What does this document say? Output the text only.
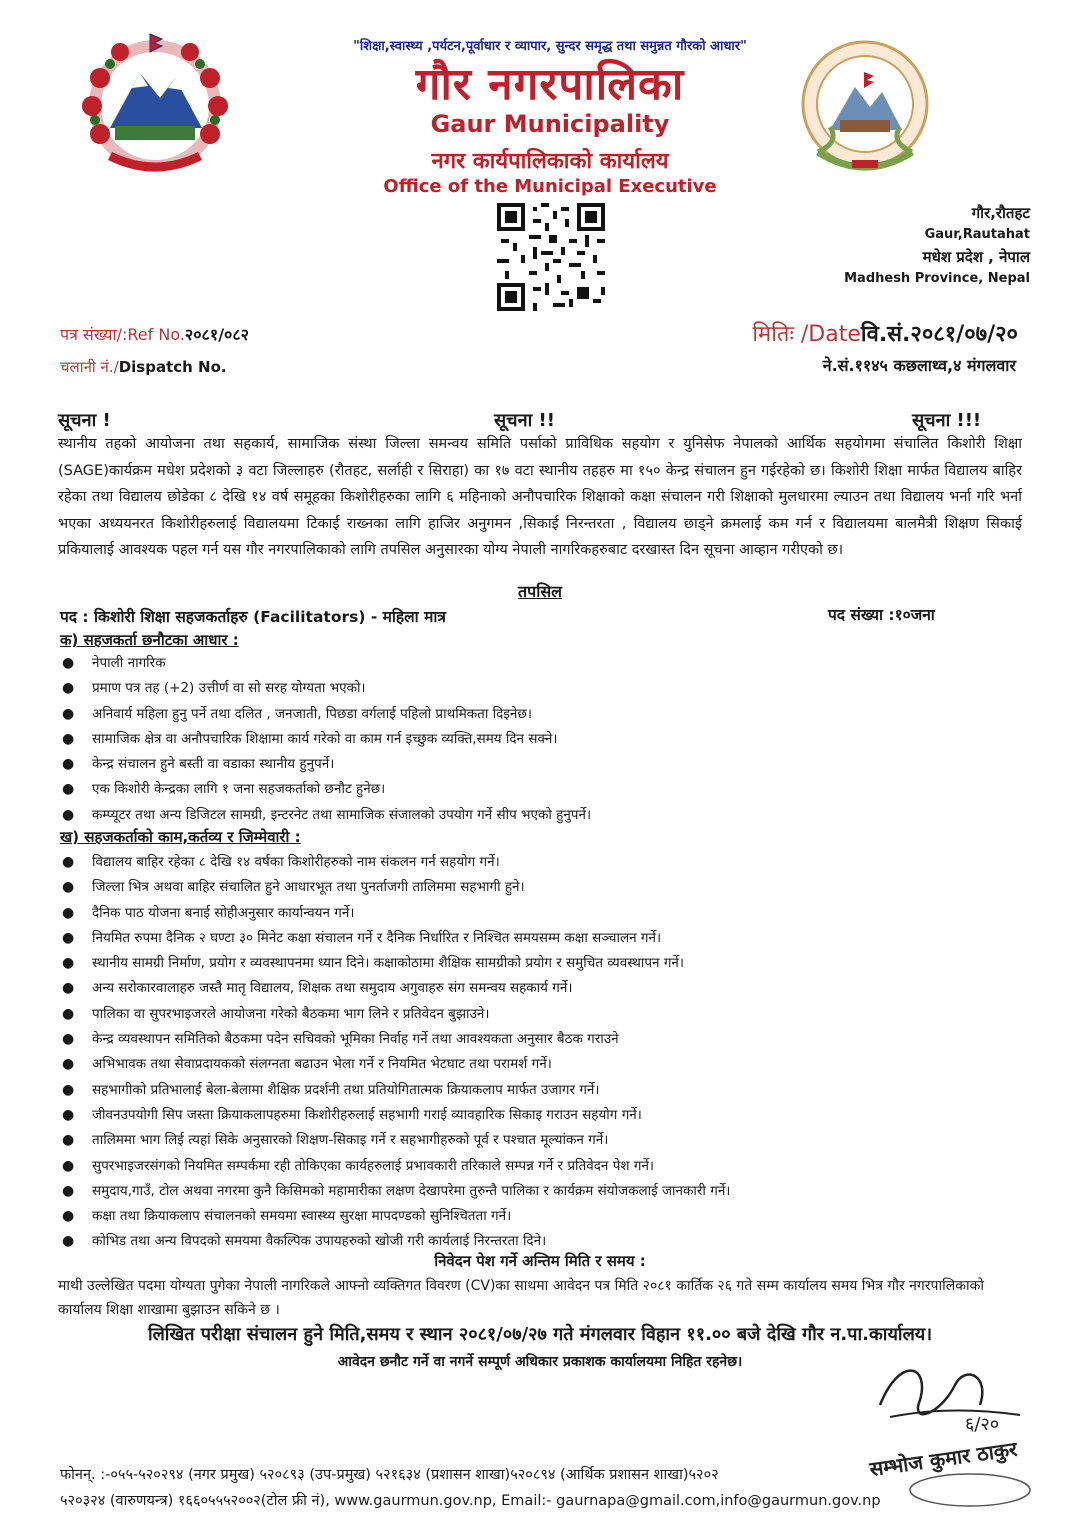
"शिक्षा,स्वास्थ्य ,पर्यटन,पूर्वाधार र व्यापार, सुन्दर समृद्ध तथा समुन्नत गौरको आधार"
गौर नगरपालिका
Gaur Municipality
नगर कार्यपालिकाको कार्यालय
Office of the Municipal Executive
गौर,रौतहट
Gaur,Rautahat
मधेश प्रदेश , नेपाल
Madhesh Province, Nepal
पत्र संख्या/:Ref No.२०८१/०८२
चलानी नं./Dispatch No.
मितिः /Dateवि.सं.२०८१/०७/२०
ने.सं.११४५ कछलाथ्व,४ मंगलवार
सूचना !	सूचना !!	सूचना !!!
स्थानीय तहको आयोजना तथा सहकार्य, सामाजिक संस्था जिल्ला समन्वय समिति पर्साको प्राविधिक सहयोग र युनिसेफ नेपालको आर्थिक सहयोगमा संचालित किशोरी शिक्षा (SAGE)कार्यक्रम मधेश प्रदेशको ३ वटा जिल्लाहरु (रौतहट, सर्लाही र सिराहा) का १७ वटा स्थानीय तहहरु मा १५० केन्द्र संचालन हुन गईरहेको छ। किशोरी शिक्षा मार्फत विद्यालय बाहिर रहेका तथा विद्यालय छोडेका ८ देखि १४ वर्ष समूहका किशोरीहरुका लागि ६ महिनाको अनौपचारिक शिक्षाको कक्षा संचालन गरी शिक्षाको मुलधारमा ल्याउन तथा विद्यालय भर्ना गरि भर्ना भएका अध्ययनरत किशोरीहरुलाई विद्यालयमा टिकाई राख्नका लागि हाजिर अनुगमन ,सिकाई निरन्तरता , विद्यालय छाड्ने क्रमलाई कम गर्न र विद्यालयमा बालमैत्री शिक्षण सिकाई प्रकियालाई आवश्यक पहल गर्न यस गौर नगरपालिकाको लागि तपसिल अनुसारका योग्य नेपाली नागरिकहरुबाट दरखास्त दिन सूचना आव्हान गरीएको छ।
तपसिल
पद : किशोरी शिक्षा सहजकर्ताहरु (Facilitators) - महिला मात्र	पद संख्या :१०जना
क) सहजकर्ता छनौटका आधार :
● नेपाली नागरिक
● प्रमाण पत्र तह (+2) उत्तीर्ण वा सो सरह योग्यता भएको।
● अनिवार्य महिला हुनु पर्ने तथा दलित , जनजाती, पिछडा वर्गलाई पहिलो प्राथमिकता दिइनेछ।
● सामाजिक क्षेत्र वा अनौपचारिक शिक्षामा कार्य गरेको वा काम गर्न इच्छुक व्यक्ति,समय दिन सक्ने।
● केन्द्र संचालन हुने बस्ती वा वडाका स्थानीय हुनुपर्ने।
● एक किशोरी केन्द्रका लागि १ जना सहजकर्ताको छनौट हुनेछ।
● कम्प्यूटर तथा अन्य डिजिटल सामग्री, इन्टरनेट तथा सामाजिक संजालको उपयोग गर्ने सीप भएको हुनुपर्ने।
ख) सहजकर्ताको काम,कर्तव्य र जिम्मेवारी :
● विद्यालय बाहिर रहेका ८ देखि १४ वर्षका किशोरीहरुको नाम संकलन गर्न सहयोग गर्ने।
● जिल्ला भित्र अथवा बाहिर संचालित हुने आधारभूत तथा पुनर्ताजगी तालिममा सहभागी हुने।
● दैनिक पाठ योजना बनाई सोहीअनुसार कार्यान्वयन गर्ने।
● नियमित रुपमा दैनिक २ घण्टा ३० मिनेट कक्षा संचालन गर्ने र दैनिक निर्धारित र निश्चित समयसम्म कक्षा सञ्चालन गर्ने।
● स्थानीय सामग्री निर्माण, प्रयोग र व्यवस्थापनमा ध्यान दिने। कक्षाकोठामा शैक्षिक सामग्रीको प्रयोग र समुचित व्यवस्थापन गर्ने।
● अन्य सरोकारवालाहरु जस्तै मातृ विद्यालय, शिक्षक तथा समुदाय अगुवाहरु संग समन्वय सहकार्य गर्ने।
● पालिका वा सुपरभाइजरले आयोजना गरेको बैठकमा भाग लिने र प्रतिवेदन बुझाउने।
● केन्द्र व्यवस्थापन समितिको बैठकमा पदेन सचिवको भूमिका निर्वाह गर्ने तथा आवश्यकता अनुसार बैठक गराउने
● अभिभावक तथा सेवाप्रदायकको संलग्नता बढाउन भेला गर्ने र नियमित भेटघाट तथा परामर्श गर्ने।
● सहभागीको प्रतिभालाई बेला-बेलामा शैक्षिक प्रदर्शनी तथा प्रतियोगितात्मक क्रियाकलाप मार्फत उजागर गर्ने।
● जीवनउपयोगी सिप जस्ता क्रियाकलापहरुमा किशोरीहरुलाई सहभागी गराई व्यावहारिक सिकाइ गराउन सहयोग गर्ने।
● तालिममा भाग लिई त्यहां सिके अनुसारको शिक्षण-सिकाइ गर्ने र सहभागीहरुको पूर्व र पश्चात मूल्यांकन गर्ने।
● सुपरभाइजरसंगको नियमित सम्पर्कमा रही तोकिएका कार्यहरुलाई प्रभावकारी तरिकाले सम्पन्न गर्ने र प्रतिवेदन पेश गर्ने।
● समुदाय,गाउँ, टोल अथवा नगरमा कुनै किसिमको महामारीका लक्षण देखापरेमा तुरुन्तै पालिका र कार्यक्रम संयोजकलाई जानकारी गर्ने।
● कक्षा तथा क्रियाकलाप संचालनको समयमा स्वास्थ्य सुरक्षा मापदण्डको सुनिश्चितता गर्ने।
● कोभिड तथा अन्य विपदको समयमा वैकल्पिक उपायहरुको खोजी गरी कार्यलाई निरन्तरता दिने।
निवेदन पेश गर्ने अन्तिम मिति र समय :
माथी उल्लेखित पदमा योग्यता पुगेका नेपाली नागरिकले आफ्नो व्यक्तिगत विवरण (CV)का साथमा आवेदन पत्र मिति २०८१ कार्तिक २६ गते सम्म कार्यालय समय भित्र गौर नगरपालिकाको कार्यालय शिक्षा शाखामा बुझाउन सकिने छ ।
लिखित परीक्षा संचालन हुने मिति,समय र स्थान २०८१/०७/२७ गते मंगलवार विहान ११.०० बजे देखि गौर न.पा.कार्यालय।
आवेदन छनौट गर्ने वा नगर्ने सम्पूर्ण अधिकार प्रकाशक कार्यालयमा निहित रहनेछ।
६/२०
सम्भोज कुमार ठाकुर
फोनन्. :-०५५-५२०२९४ (नगर प्रमुख) ५२०८९३ (उप-प्रमुख) ५२१६३४ (प्रशासन शाखा)५२०८९४ (आर्थिक प्रशासन शाखा)५२०२
५२०३२४ (वारुणयन्त्र) १६६०५५५२००२(टोल फ्री नं), www.gaurmun.gov.np, Email:- gaurnapa@gmail.com,info@gaurmun.gov.np
